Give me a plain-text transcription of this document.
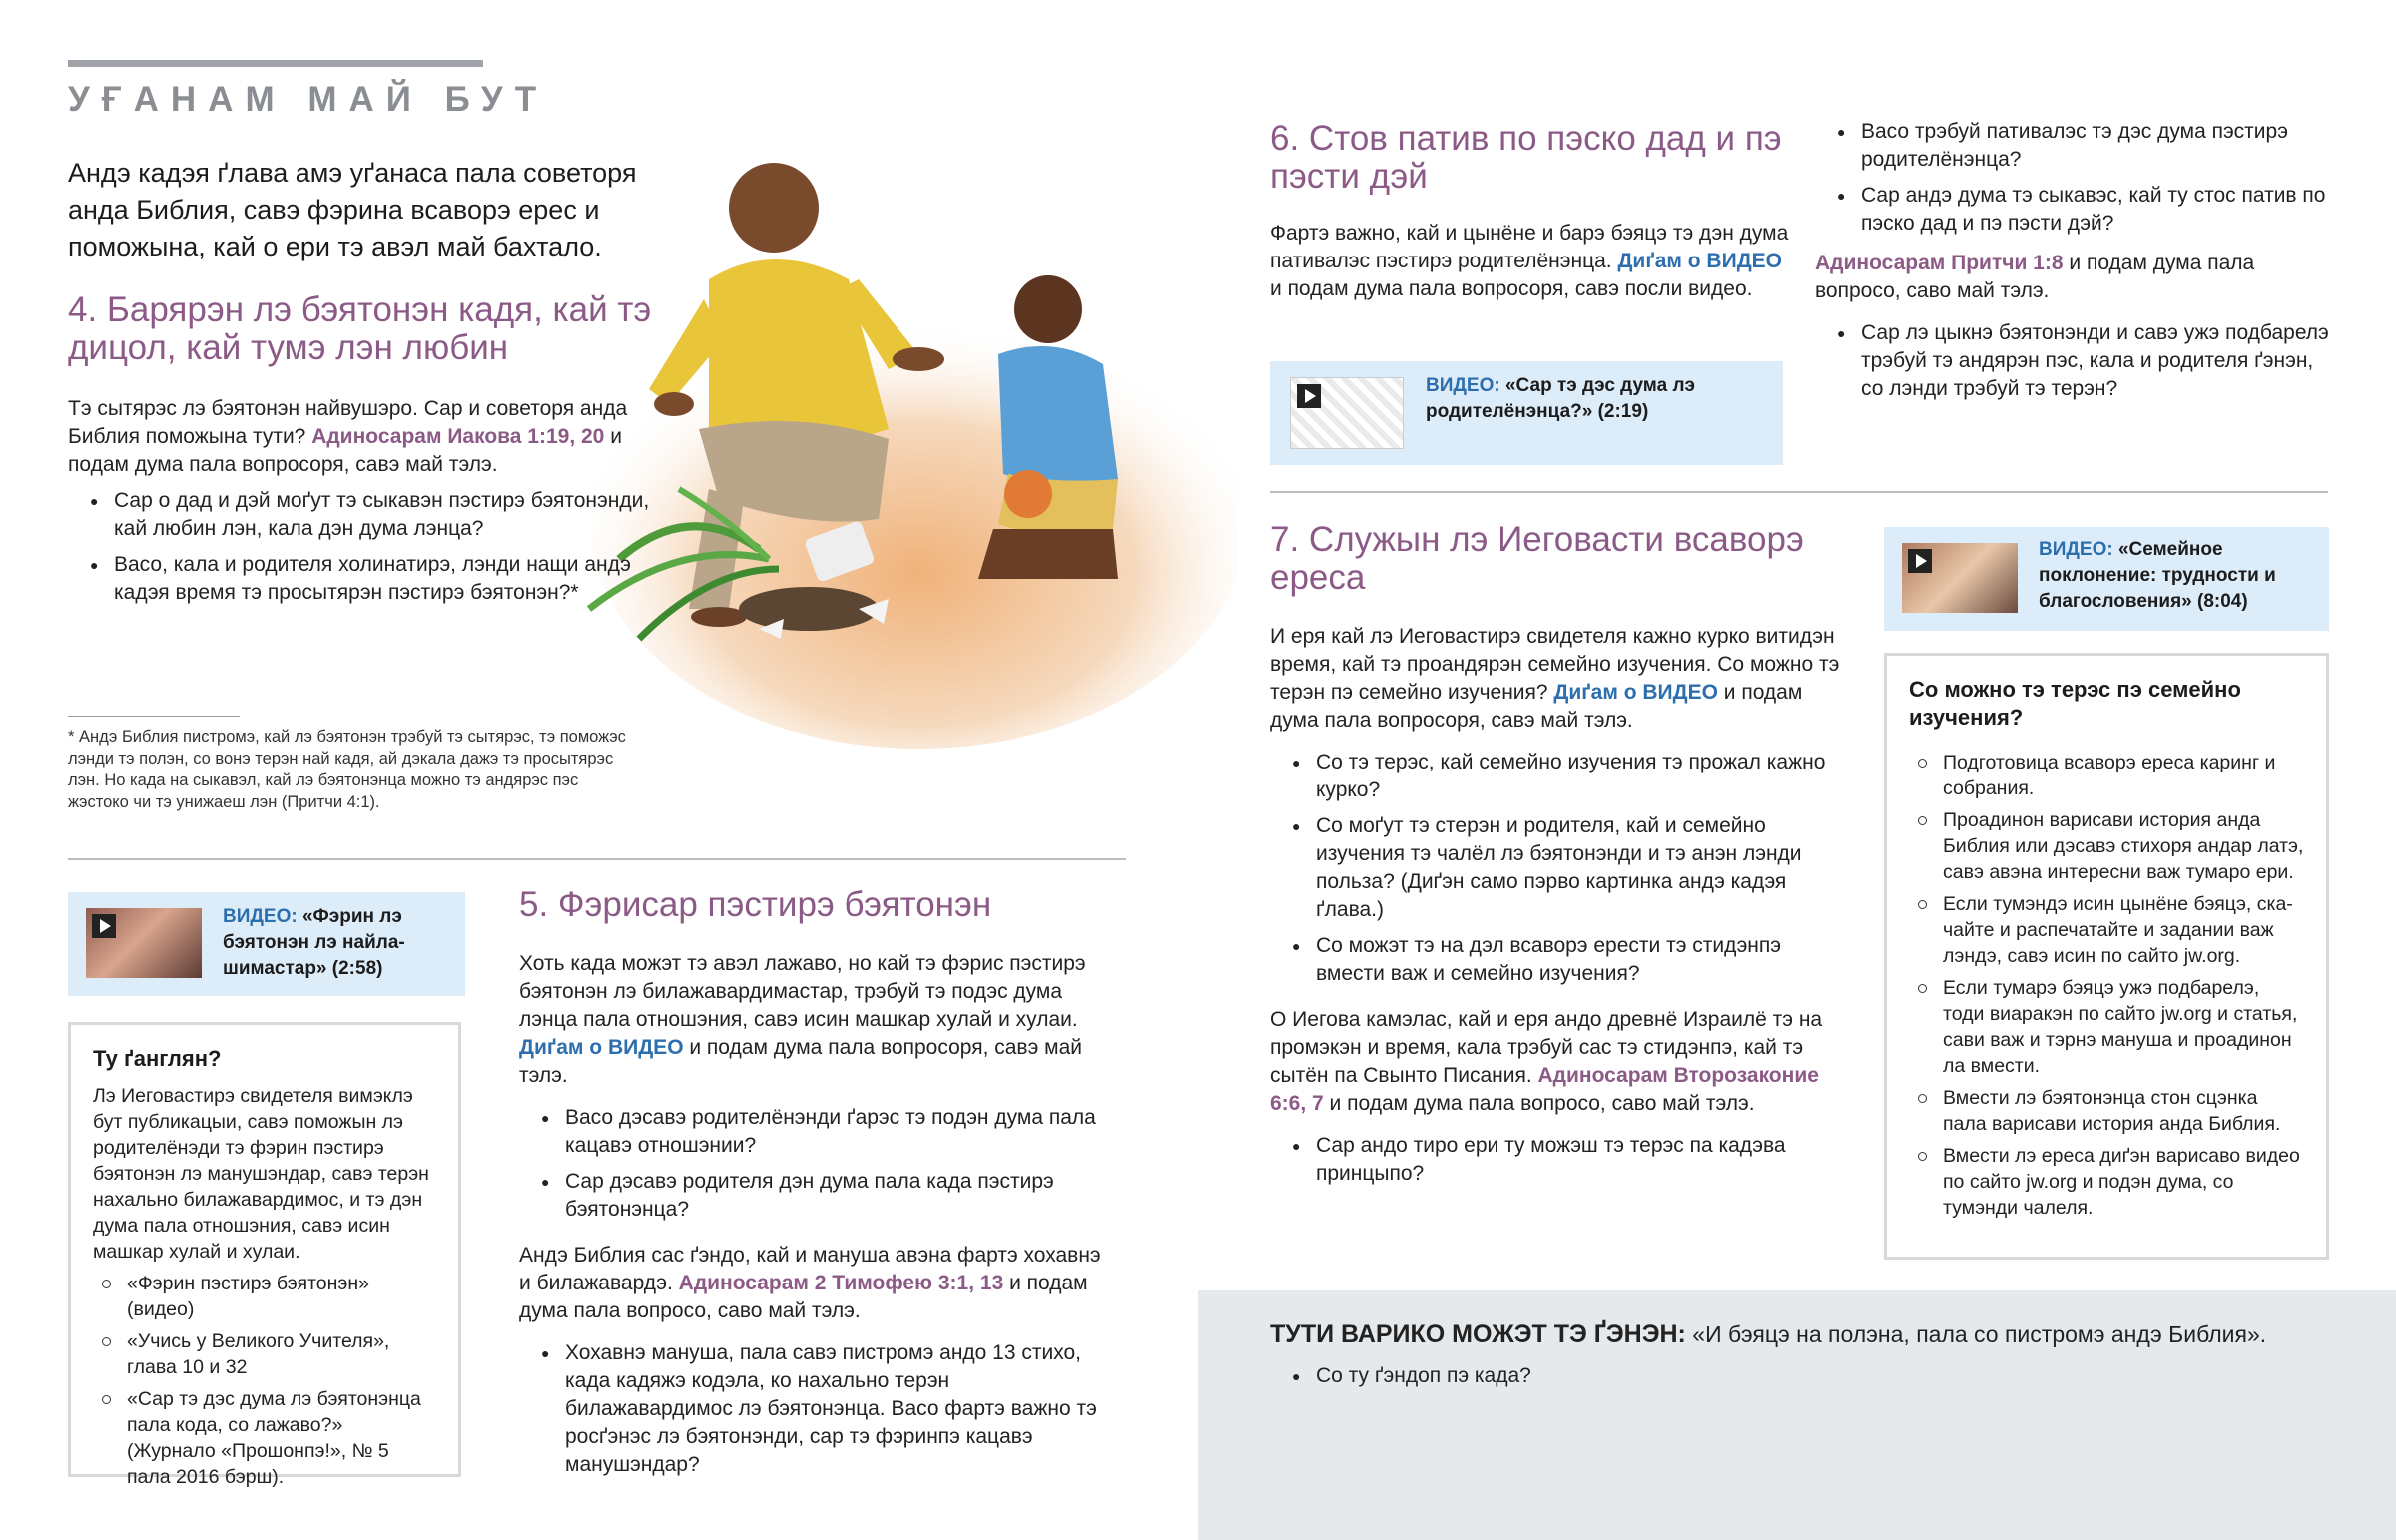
УҒАНАМ МАЙ БУТ
Андэ кадэя ґлава амэ уґанаса пала советоря анда Библия, савэ фэрина всаворэ ерес и поможына, кай о ери тэ авэл май бахтало.
4. Барярэн лэ бэятонэн кадя, кай тэ дицол, кай тумэ лэн любин
Тэ сытярэс лэ бэятонэн найвушэро. Сар и советоря анда Библия поможына тути? Адиносарам Иакова 1:19, 20 и подам дума пала вопросоря, савэ май тэлэ.
● Сар о дад и дэй моґут тэ сыкавэн пэстирэ бэятонэнди, кай любин лэн, кала дэн дума лэнца?
● Васо, кала и родителя холинатирэ, лэнди нащи андэ кадэя время тэ просытярэн пэстирэ бэятонэн?*
* Андэ Библия пистромэ, кай лэ бэятонэн трэбуй тэ сытярэс, тэ поможэс лэнди тэ полэн, со вонэ терэн най кадя, ай дэкала дажэ тэ просытярэс лэн. Но када на сыкавэл, кай лэ бэятонэнца можно тэ андярэс пэс жэстоко чи тэ унижаеш лэн (Притчи 4:1).
ВИДЕО: «Фэрин лэ бэятонэн лэ найлашимастар» (2:58)
Ту ґанглян?
Лэ Иеговастирэ свидетеля вимэклэ бут публикацыи, савэ поможын лэ родителёнэди тэ фэрин пэстирэ бэятонэн лэ манушэндар, савэ терэн нахально билажавардимос, и тэ дэн дума пала отношэния, савэ исин машкар хулай и хулаи.
«Фэрин пэстирэ бэятонэн» (видео)
«Учись у Великого Учителя», глава 10 и 32
«Сар тэ дэс дума лэ бэятонэнца пала кода, со лажаво?» (Журнало «Прошонпэ!», № 5 пала 2016 бэрш).
5. Фэрисар пэстирэ бэятонэн
Хоть када можэт тэ авэл лажаво, но кай тэ фэрис пэстирэ бэятонэн лэ билажавардимастар, трэбуй тэ подэс дума лэнца пала отношэния, савэ исин машкар хулай и хулаи. Диґам о ВИДЕО и подам дума пала вопросоря, савэ май тэлэ.
● Васо дэсавэ родителёнэнди ґарэс тэ подэн дума пала кацавэ отношэнии?
● Сар дэсавэ родителя дэн дума пала када пэстирэ бэятонэнца?
Андэ Библия сас ґэндо, кай и мануша авэна фартэ хохавнэ и билажавардэ. Адиносарам 2 Тимофею 3:1, 13 и подам дума пала вопросо, саво май тэлэ.
● Хохавнэ мануша, пала савэ пистромэ андо 13 стихо, када кадяжэ кодэла, ко нахально терэн билажавардимос лэ бэятонэнца. Васо фартэ важно тэ росґэнэс лэ бэятонэнди, сар тэ фэринпэ кацавэ манушэндар?
6. Стов патив по пэско дад и пэ пэсти дэй
Фартэ важно, кай и цынёне и барэ бэяцэ тэ дэн дума пативалэс пэстирэ родителёнэнца. Диґам о ВИДЕО и подам дума пала вопросоря, савэ посли видео.
ВИДЕО: «Сар тэ дэс дума лэ родителёнэнца?» (2:19)
● Васо трэбуй пативалэс тэ дэс дума пэстирэ родителёнэнца?
● Сар андэ дума тэ сыкавэс, кай ту стос патив по пэско дад и пэ пэсти дэй?
Адиносарам Притчи 1:8 и подам дума пала вопросо, саво май тэлэ.
● Сар лэ цыкнэ бэятонэнди и савэ ужэ подбарелэ трэбуй тэ андярэн пэс, кала и родителя ґэнэн, со лэнди трэбуй тэ терэн?
7. Служын лэ Иеговасти всаворэ ереса
И еря кай лэ Иеговастирэ свидетеля кажно курко витидэн время, кай тэ проандярэн семейно изучения. Со можно тэ терэн пэ семейно изучения? Диґам о ВИДЕО и подам дума пала вопросоря, савэ май тэлэ.
● Со тэ терэс, кай семейно изучения тэ прожал кажно курко?
● Со моґут тэ стерэн и родителя, кай и семейно изучения тэ чалёл лэ бэятонэнди и тэ анэн лэнди польза? (Диґэн само пэрво картинка андэ кадэя ґлава.)
● Со можэт тэ на дэл всаворэ ерести тэ стидэнпэ вмести важ и семейно изучения?
О Иегова камэлас, кай и еря андо древнё Израилё тэ на промэкэн и время, кала трэбуй сас тэ стидэнпэ, кай тэ сытён па Свынто Писания. Адиносарам Второзаконие 6:6, 7 и подам дума пала вопросо, саво май тэлэ.
● Сар андо тиро ери ту можэш тэ терэс па кадэва принцыпо?
ВИДЕО: «Семейное поклонение: трудности и благословения» (8:04)
Со можно тэ терэс пэ семейно изучения?
Подготовица всаворэ ереса каринг и собрания.
Проадинон варисави история анда Библия или дэсавэ стихоря андар латэ, савэ авэна интересни важ тумаро ери.
Если тумэндэ исин цынёне бэяцэ, скачайте и распечатайте и задании важ лэндэ, савэ исин по сайто jw.org.
Если тумарэ бэяцэ ужэ подбарелэ, тоди виаракэн по сайто jw.org и статья, сави важ и тэрнэ мануша и проадинон ла вмести.
Вмести лэ бэятонэнца стон сцэнка пала варисави история анда Библия.
Вмести лэ ереса диґэн варисаво видео по сайто jw.org и подэн дума, со тумэнди чалеля.
ТУТИ ВАРИКО МОЖЭТ ТЭ ҐЭНЭН: «И бэяцэ на полэна, пала со пистромэ андэ Библия».
● Со ту ґэндоп пэ када?
